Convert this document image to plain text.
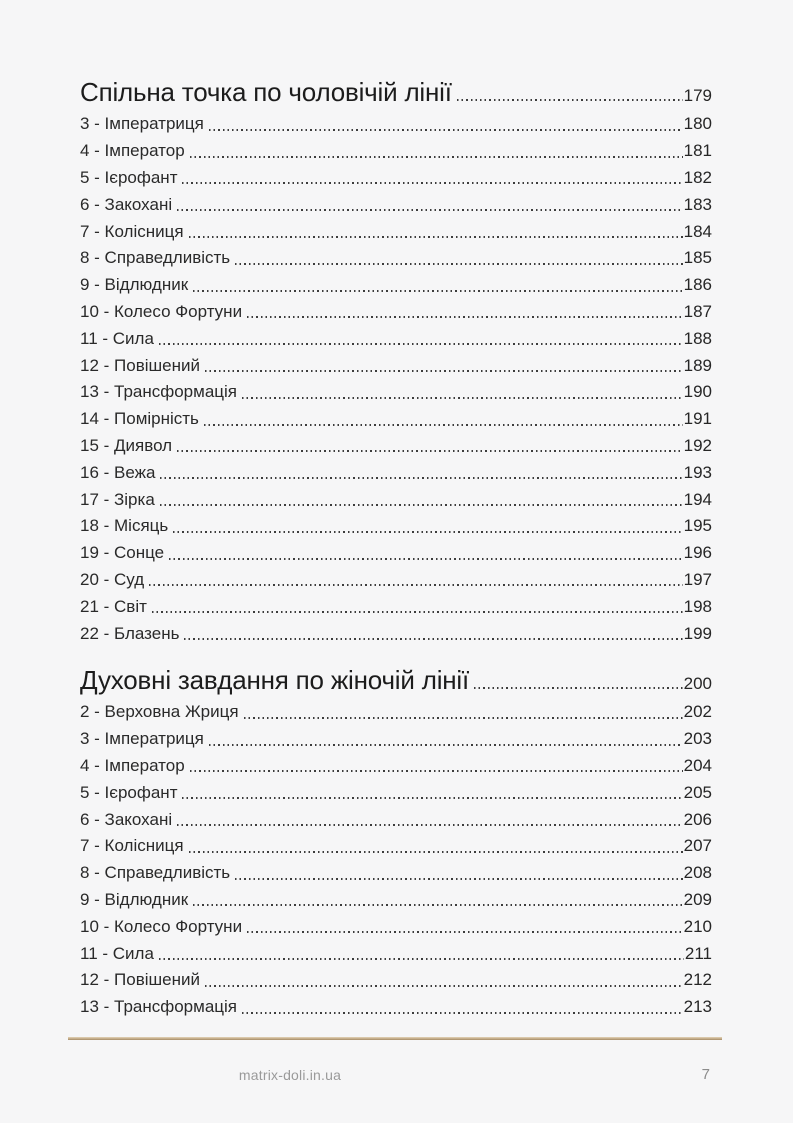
Спільна точка по чоловічій лінії	179
3 - Імператриця	180
4 - Імператор	181
5 - Ієрофант	182
6 - Закохані	183
7 - Колісниця	184
8 - Справедливість	185
9 - Відлюдник	186
10 - Колесо Фортуни	187
11 - Сила	188
12 - Повішений	189
13 - Трансформація	190
14 - Помірність	191
15 - Диявол	192
16 - Вежа	193
17 - Зірка	194
18 - Місяць	195
19 - Сонце	196
20 - Суд	197
21 - Світ	198
22 - Блазень	199
Духовні завдання по жіночій лінії	200
2 - Верховна Жриця	202
3 - Імператриця	203
4 - Імператор	204
5 - Ієрофант	205
6 - Закохані	206
7 - Колісниця	207
8 - Справедливість	208
9 - Відлюдник	209
10 - Колесо Фортуни	210
11 - Сила	211
12 - Повішений	212
13 - Трансформація	213
matrix-doli.in.ua	7
